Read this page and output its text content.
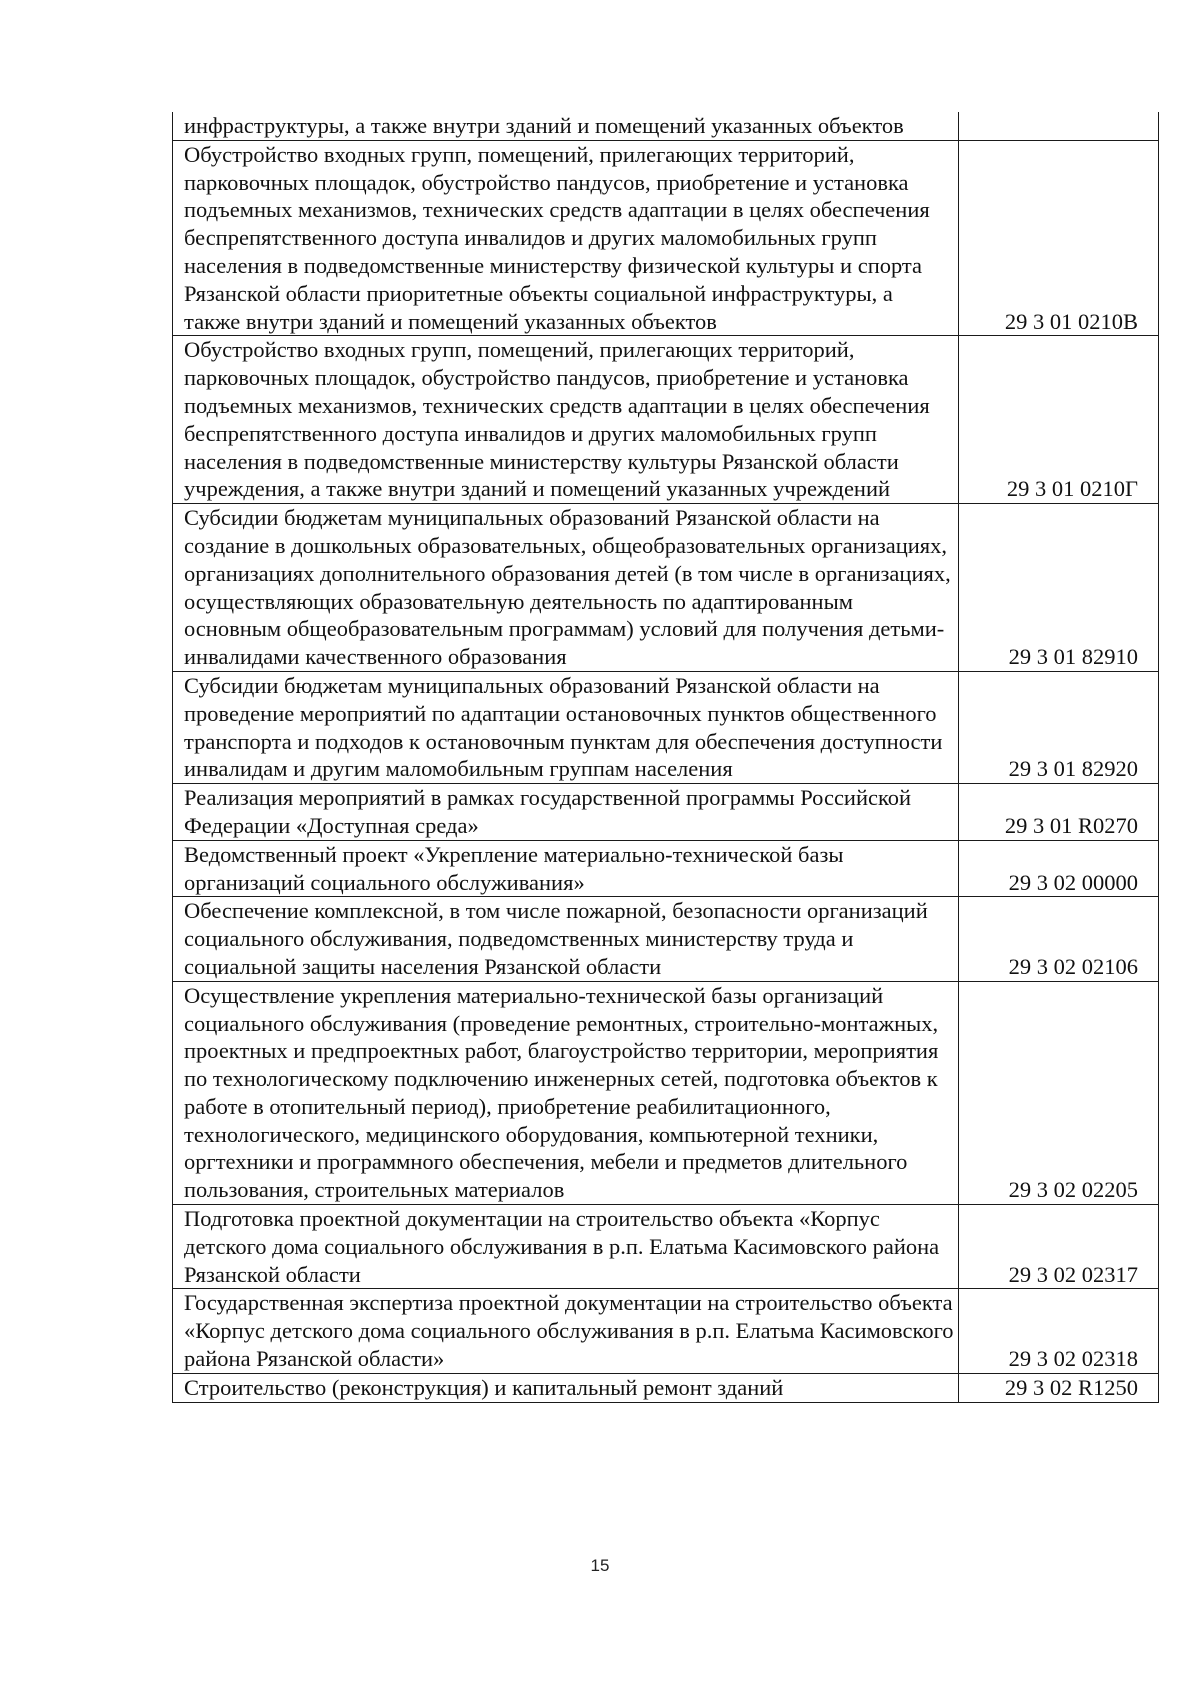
инфраструктуры, а также внутри зданий и помещений указанных объектов	
Обустройство входных групп, помещений, прилегающих территорий, парковочных площадок, обустройство пандусов, приобретение и установка подъемных механизмов, технических средств адаптации в целях обеспечения беспрепятственного доступа инвалидов и других маломобильных групп населения в подведомственные министерству физической культуры и спорта Рязанской области приоритетные объекты социальной инфраструктуры, а также внутри зданий и помещений указанных объектов	29 3 01 0210В
Обустройство входных групп, помещений, прилегающих территорий, парковочных площадок, обустройство пандусов, приобретение и установка подъемных механизмов, технических средств адаптации в целях обеспечения беспрепятственного доступа инвалидов и других маломобильных групп населения в подведомственные министерству культуры Рязанской области учреждения, а также внутри зданий и помещений указанных учреждений	29 3 01 0210Г
Субсидии бюджетам муниципальных образований Рязанской области на создание в дошкольных образовательных, общеобразовательных организациях, организациях дополнительного образования детей (в том числе в организациях, осуществляющих образовательную деятельность по адаптированным основным общеобразовательным программам) условий для получения детьми-инвалидами качественного образования	29 3 01 82910
Субсидии бюджетам муниципальных образований Рязанской области на проведение мероприятий по адаптации остановочных пунктов общественного транспорта и подходов к остановочным пунктам для обеспечения доступности инвалидам и другим маломобильным группам населения	29 3 01 82920
Реализация мероприятий в рамках государственной программы Российской Федерации «Доступная среда»	29 3 01 R0270
Ведомственный проект «Укрепление материально-технической базы организаций социального обслуживания»	29 3 02 00000
Обеспечение комплексной, в том числе пожарной, безопасности организаций социального обслуживания, подведомственных министерству труда и социальной защиты населения Рязанской области	29 3 02 02106
Осуществление укрепления материально-технической базы организаций социального обслуживания (проведение ремонтных, строительно-монтажных, проектных и предпроектных работ, благоустройство территории, мероприятия по технологическому подключению инженерных сетей, подготовка объектов к работе в отопительный период), приобретение реабилитационного, технологического, медицинского оборудования, компьютерной техники, оргтехники и программного обеспечения, мебели и предметов длительного пользования, строительных материалов	29 3 02 02205
Подготовка проектной документации на строительство объекта «Корпус детского дома социального обслуживания в р.п. Елатьма Касимовского района Рязанской области	29 3 02 02317
Государственная экспертиза проектной документации на строительство объекта «Корпус детского дома социального обслуживания в р.п. Елатьма Касимовского района Рязанской области»	29 3 02 02318
Строительство (реконструкция) и капитальный ремонт зданий	29 3 02 R1250
15
